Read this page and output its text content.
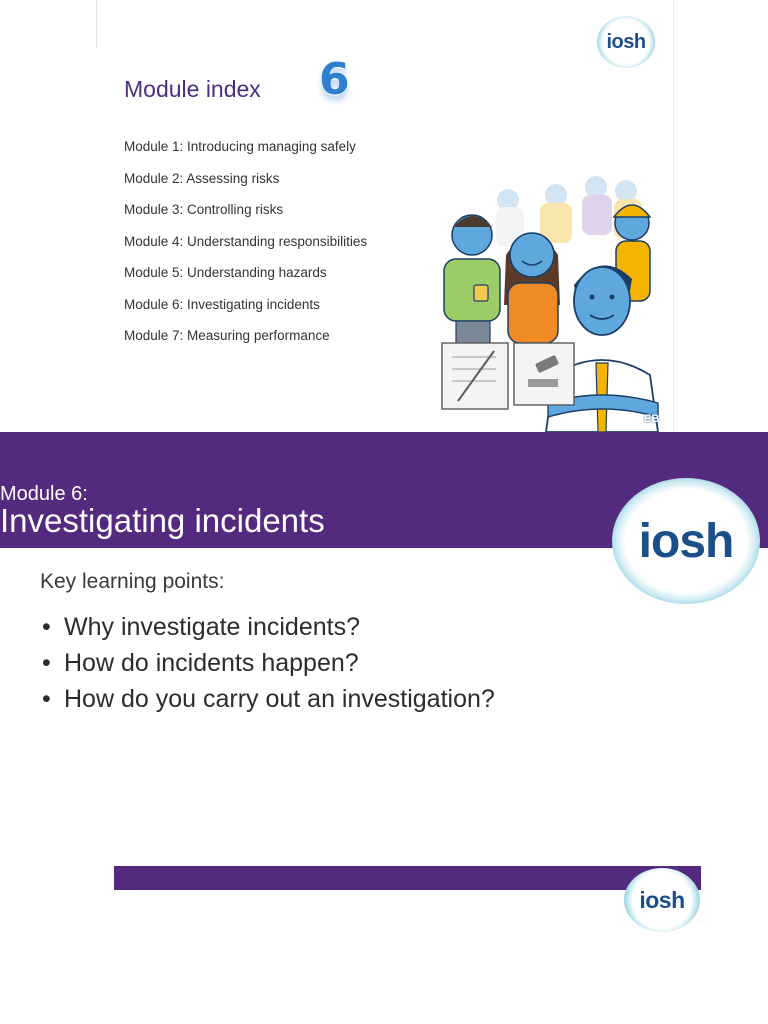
iosh
Module index 6
Module 1: Introducing managing safely
Module 2: Assessing risks
Module 3: Controlling risks
Module 4: Understanding responsibilities
Module 5: Understanding hazards
Module 6: Investigating incidents
Module 7: Measuring performance
EB
Module 6:
Investigating incidents	iosh
Key learning points:
• Why investigate incidents?
• How do incidents happen?
• How do you carry out an investigation?
iosh
